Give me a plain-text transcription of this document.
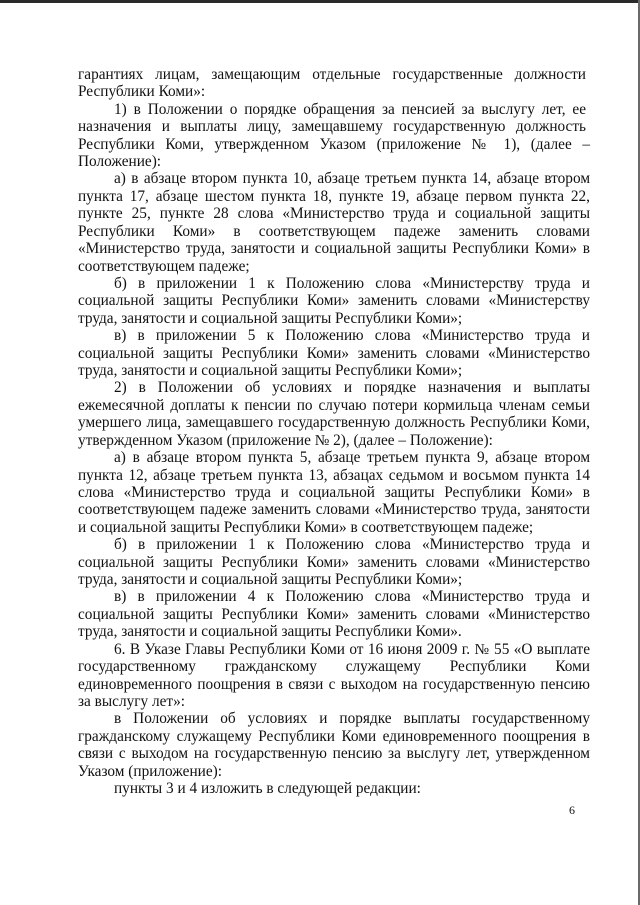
гарантиях лицам, замещающим отдельные государственные должности
Республики Коми»:
1) в Положении о порядке обращения за пенсией за выслугу лет, ее
назначения и выплаты лицу, замещавшему государственную должность
Республики Коми, утвержденном Указом (приложение № 1), (далее –
Положение):
а) в абзаце втором пункта 10, абзаце третьем пункта 14, абзаце втором
пункта 17, абзаце шестом пункта 18, пункте 19, абзаце первом пункта 22,
пункте 25, пункте 28 слова «Министерство труда и социальной защиты
Республики Коми» в соответствующем падеже заменить словами
«Министерство труда, занятости и социальной защиты Республики Коми» в
соответствующем падеже;
б) в приложении 1 к Положению слова «Министерству труда и
социальной защиты Республики Коми» заменить словами «Министерству
труда, занятости и социальной защиты Республики Коми»;
в) в приложении 5 к Положению слова «Министерство труда и
социальной защиты Республики Коми» заменить словами «Министерство
труда, занятости и социальной защиты Республики Коми»;
2) в Положении об условиях и порядке назначения и выплаты
ежемесячной доплаты к пенсии по случаю потери кормильца членам семьи
умершего лица, замещавшего государственную должность Республики Коми,
утвержденном Указом (приложение № 2), (далее – Положение):
а) в абзаце втором пункта 5, абзаце третьем пункта 9, абзаце втором
пункта 12, абзаце третьем пункта 13, абзацах седьмом и восьмом пункта 14
слова «Министерство труда и социальной защиты Республики Коми» в
соответствующем падеже заменить словами «Министерство труда, занятости
и социальной защиты Республики Коми» в соответствующем падеже;
б) в приложении 1 к Положению слова «Министерство труда и
социальной защиты Республики Коми» заменить словами «Министерство
труда, занятости и социальной защиты Республики Коми»;
в) в приложении 4 к Положению слова «Министерство труда и
социальной защиты Республики Коми» заменить словами «Министерство
труда, занятости и социальной защиты Республики Коми».
6. В Указе Главы Республики Коми от 16 июня 2009 г. № 55 «О выплате
государственному гражданскому служащему Республики Коми
единовременного поощрения в связи с выходом на государственную пенсию
за выслугу лет»:
в Положении об условиях и порядке выплаты государственному
гражданскому служащему Республики Коми единовременного поощрения в
связи с выходом на государственную пенсию за выслугу лет, утвержденном
Указом (приложение):
пункты 3 и 4 изложить в следующей редакции:
6
